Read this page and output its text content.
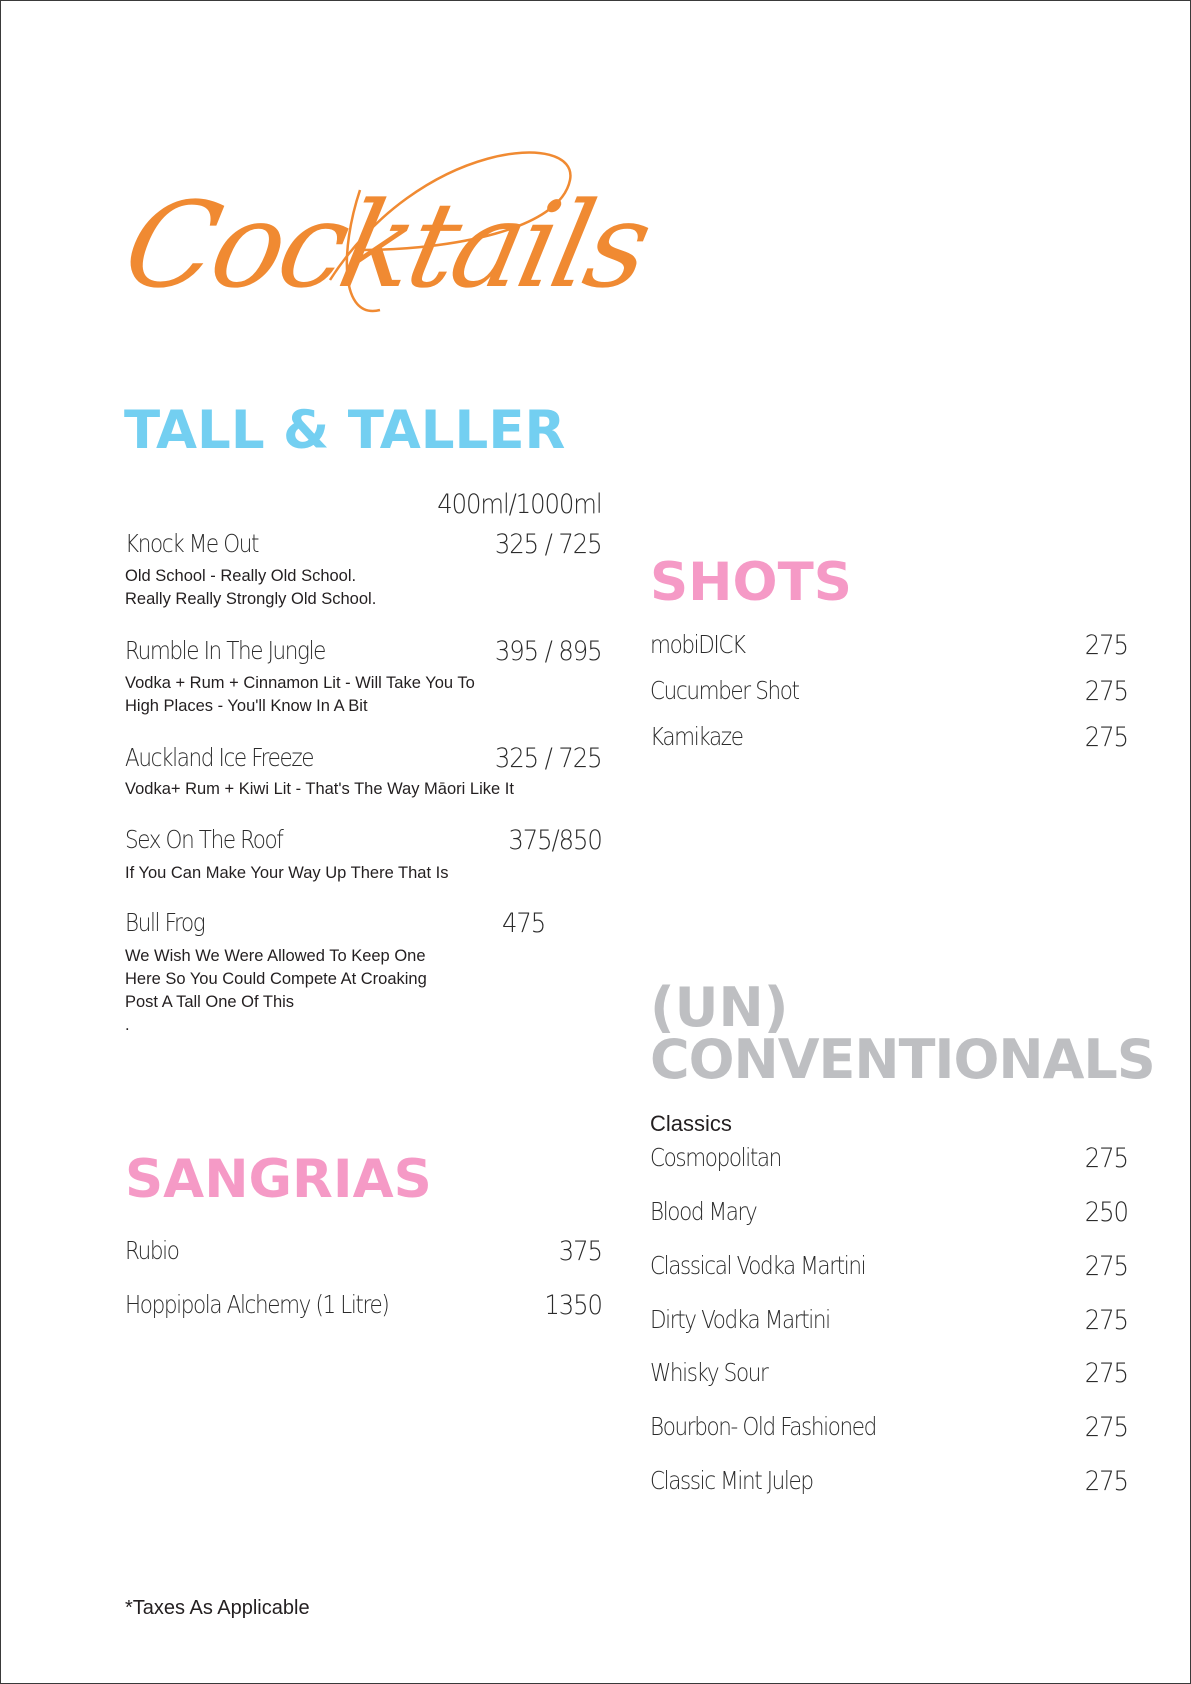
Cocktails
TALL & TALLER
400ml/1000ml
Knock Me Out	325 / 725
Old School - Really Old School.
Really Really Strongly Old School.
Rumble In The Jungle	395 / 895
Vodka + Rum + Cinnamon Lit - Will Take You To
High Places - You'll Know In A Bit
Auckland Ice Freeze	325 / 725
Vodka+ Rum + Kiwi Lit - That's The Way Māori Like It
Sex On The Roof	375/850
If You Can Make Your Way Up There That Is
Bull Frog	475
We Wish We Were Allowed To Keep One
Here So You Could Compete At Croaking
Post A Tall One Of This
.
SANGRIAS
Rubio	375
Hoppipola Alchemy (1 Litre)	1350
SHOTS
mobiDICK	275
Cucumber Shot	275
Kamikaze	275
(UN)
CONVENTIONALS
Classics
Cosmopolitan	275
Blood Mary	250
Classical Vodka Martini	275
Dirty Vodka Martini	275
Whisky Sour	275
Bourbon- Old Fashioned	275
Classic Mint Julep	275
*Taxes As Applicable
